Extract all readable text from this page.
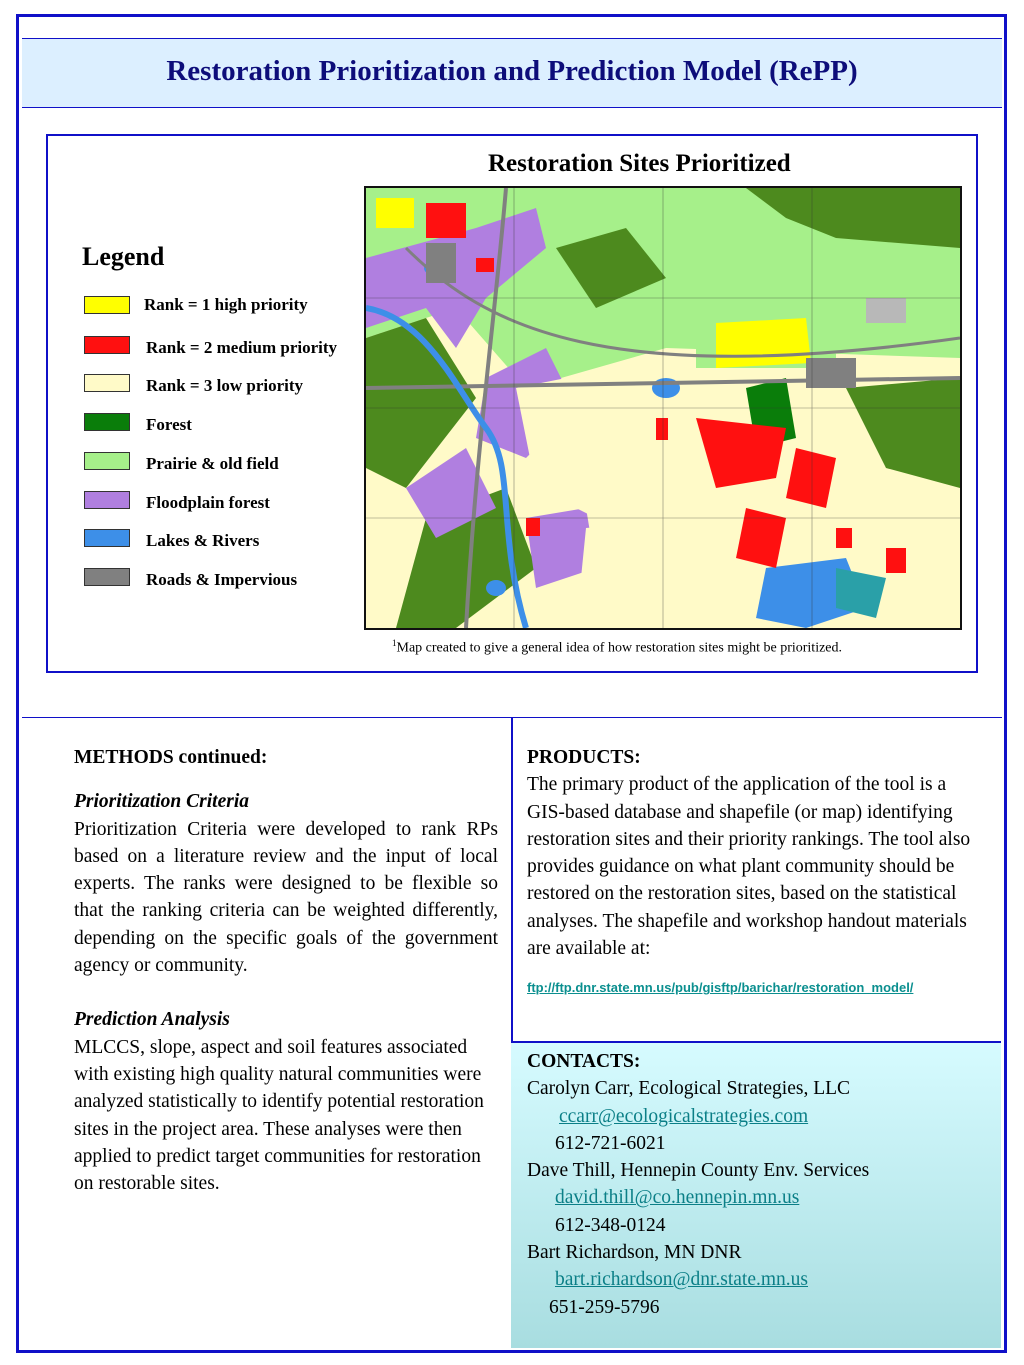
Restoration Prioritization and Prediction Model (RePP)
Restoration Sites Prioritized
Legend
Rank = 1 high priority
Rank = 2 medium priority
Rank = 3 low priority
Forest
Prairie & old field
Floodplain forest
Lakes & Rivers
Roads & Impervious
$^1$Map created to give a general idea of how restoration sites might be prioritized.
METHODS continued:
Prioritization Criteria
Prioritization Criteria were developed to rank RPs based on a literature review and the input of local experts. The ranks were designed to be flexible so that the ranking criteria can be weighted differently, depending on the specific goals of the government agency or community.
Prediction Analysis
MLCCS, slope, aspect and soil features associated with existing high quality natural communities were analyzed statistically to identify potential restoration sites in the project area. These analyses were then applied to predict target communities for restoration on restorable sites.
PRODUCTS:
The primary product of the application of the tool is a GIS-based database and shapefile (or map) identifying restoration sites and their priority rankings. The tool also provides guidance on what plant community should be restored on the restoration sites, based on the statistical analyses. The shapefile and workshop handout materials are available at:
ftp://ftp.dnr.state.mn.us/pub/gisftp/barichar/restoration_model/
CONTACTS:
Carolyn Carr, Ecological Strategies, LLC
ccarr@ecologicalstrategies.com
612-721-6021
Dave Thill, Hennepin County Env. Services
david.thill@co.hennepin.mn.us
612-348-0124
Bart Richardson, MN DNR
bart.richardson@dnr.state.mn.us
651-259-5796
